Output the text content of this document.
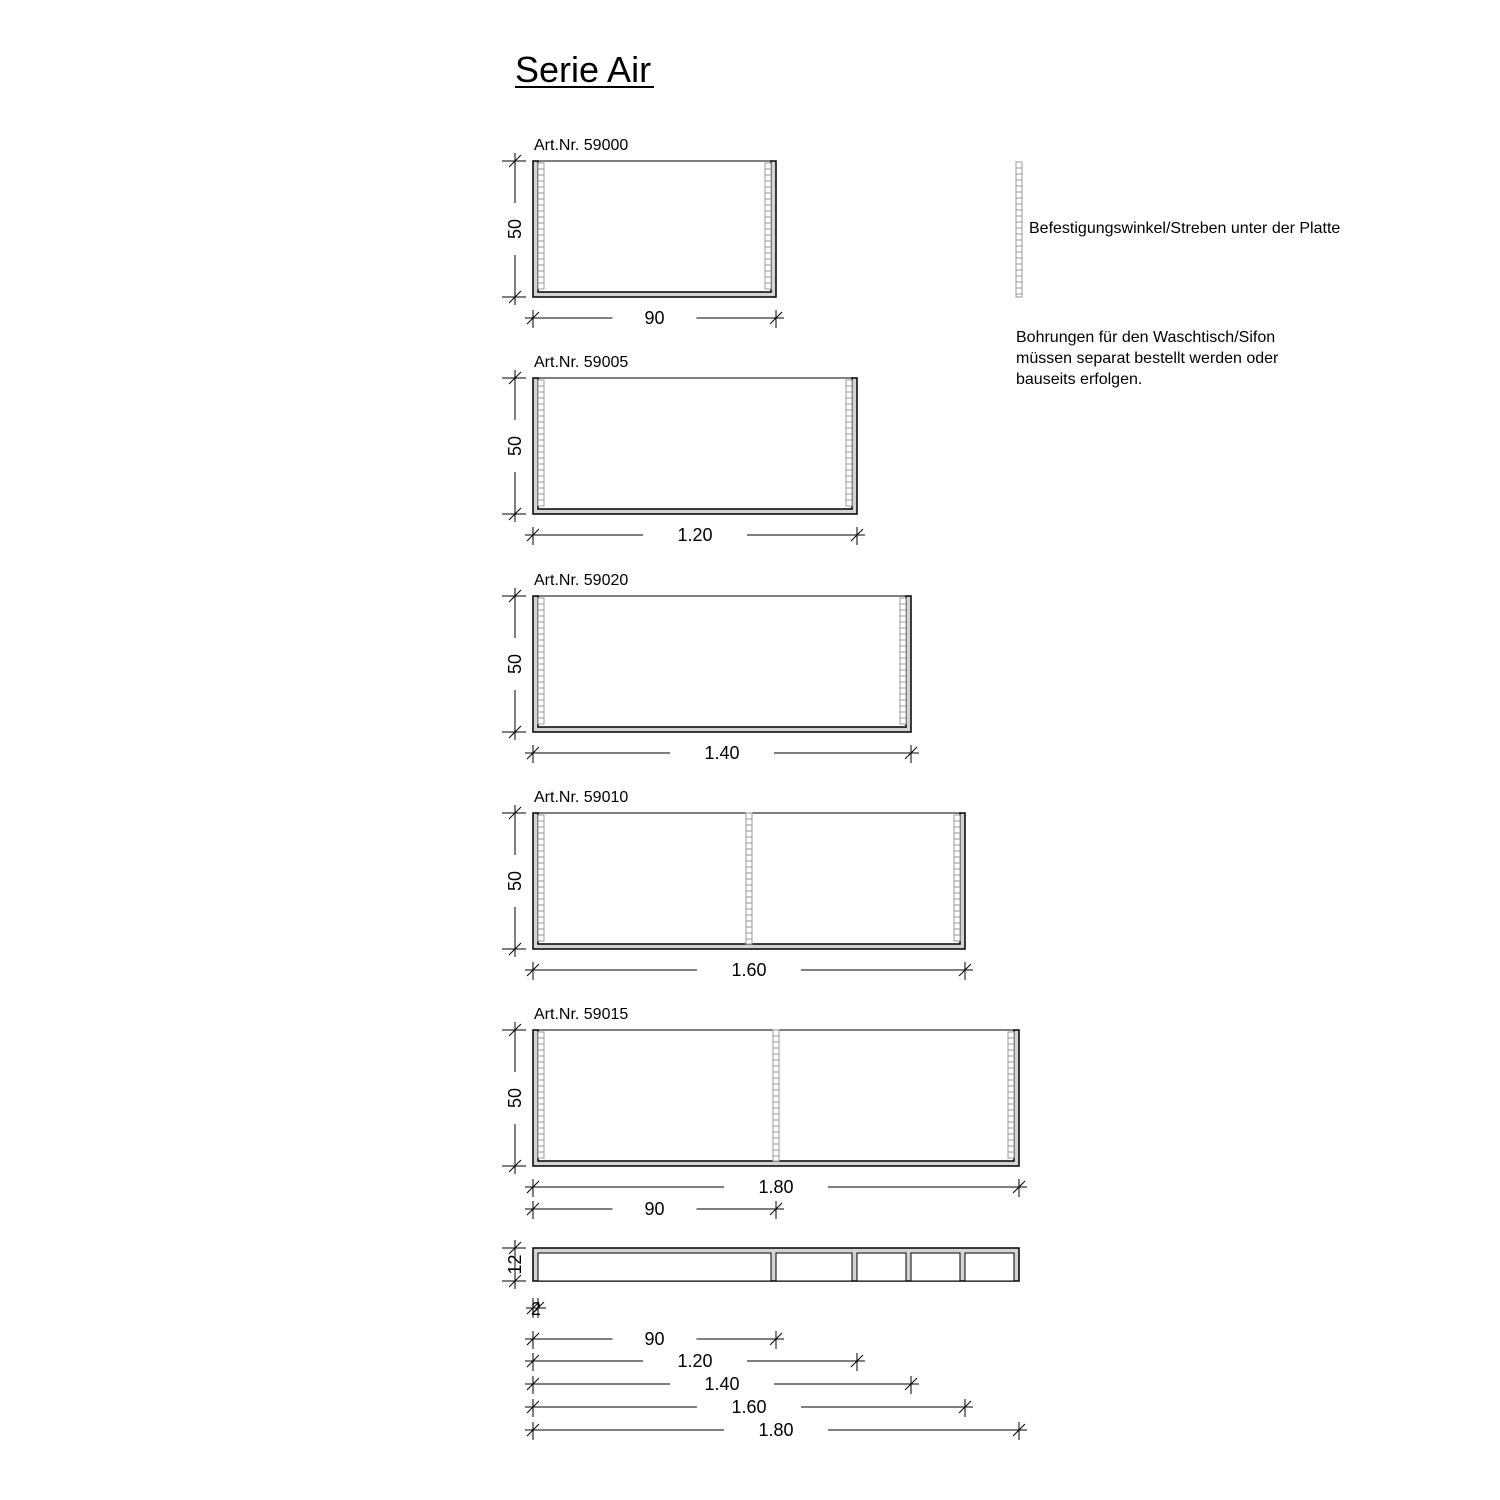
Serie Air
Art.Nr. 59000
50
90
Art.Nr. 59005
50
1.20
Art.Nr. 59020
50
1.40
Art.Nr. 59010
50
1.60
Art.Nr. 59015
50
1.80
90
12
2
90
1.20
1.40
1.60
1.80
Befestigungswinkel/Streben unter der Platte
Bohrungen für den Waschtisch/Sifon
müssen separat bestellt werden oder
bauseits erfolgen.
